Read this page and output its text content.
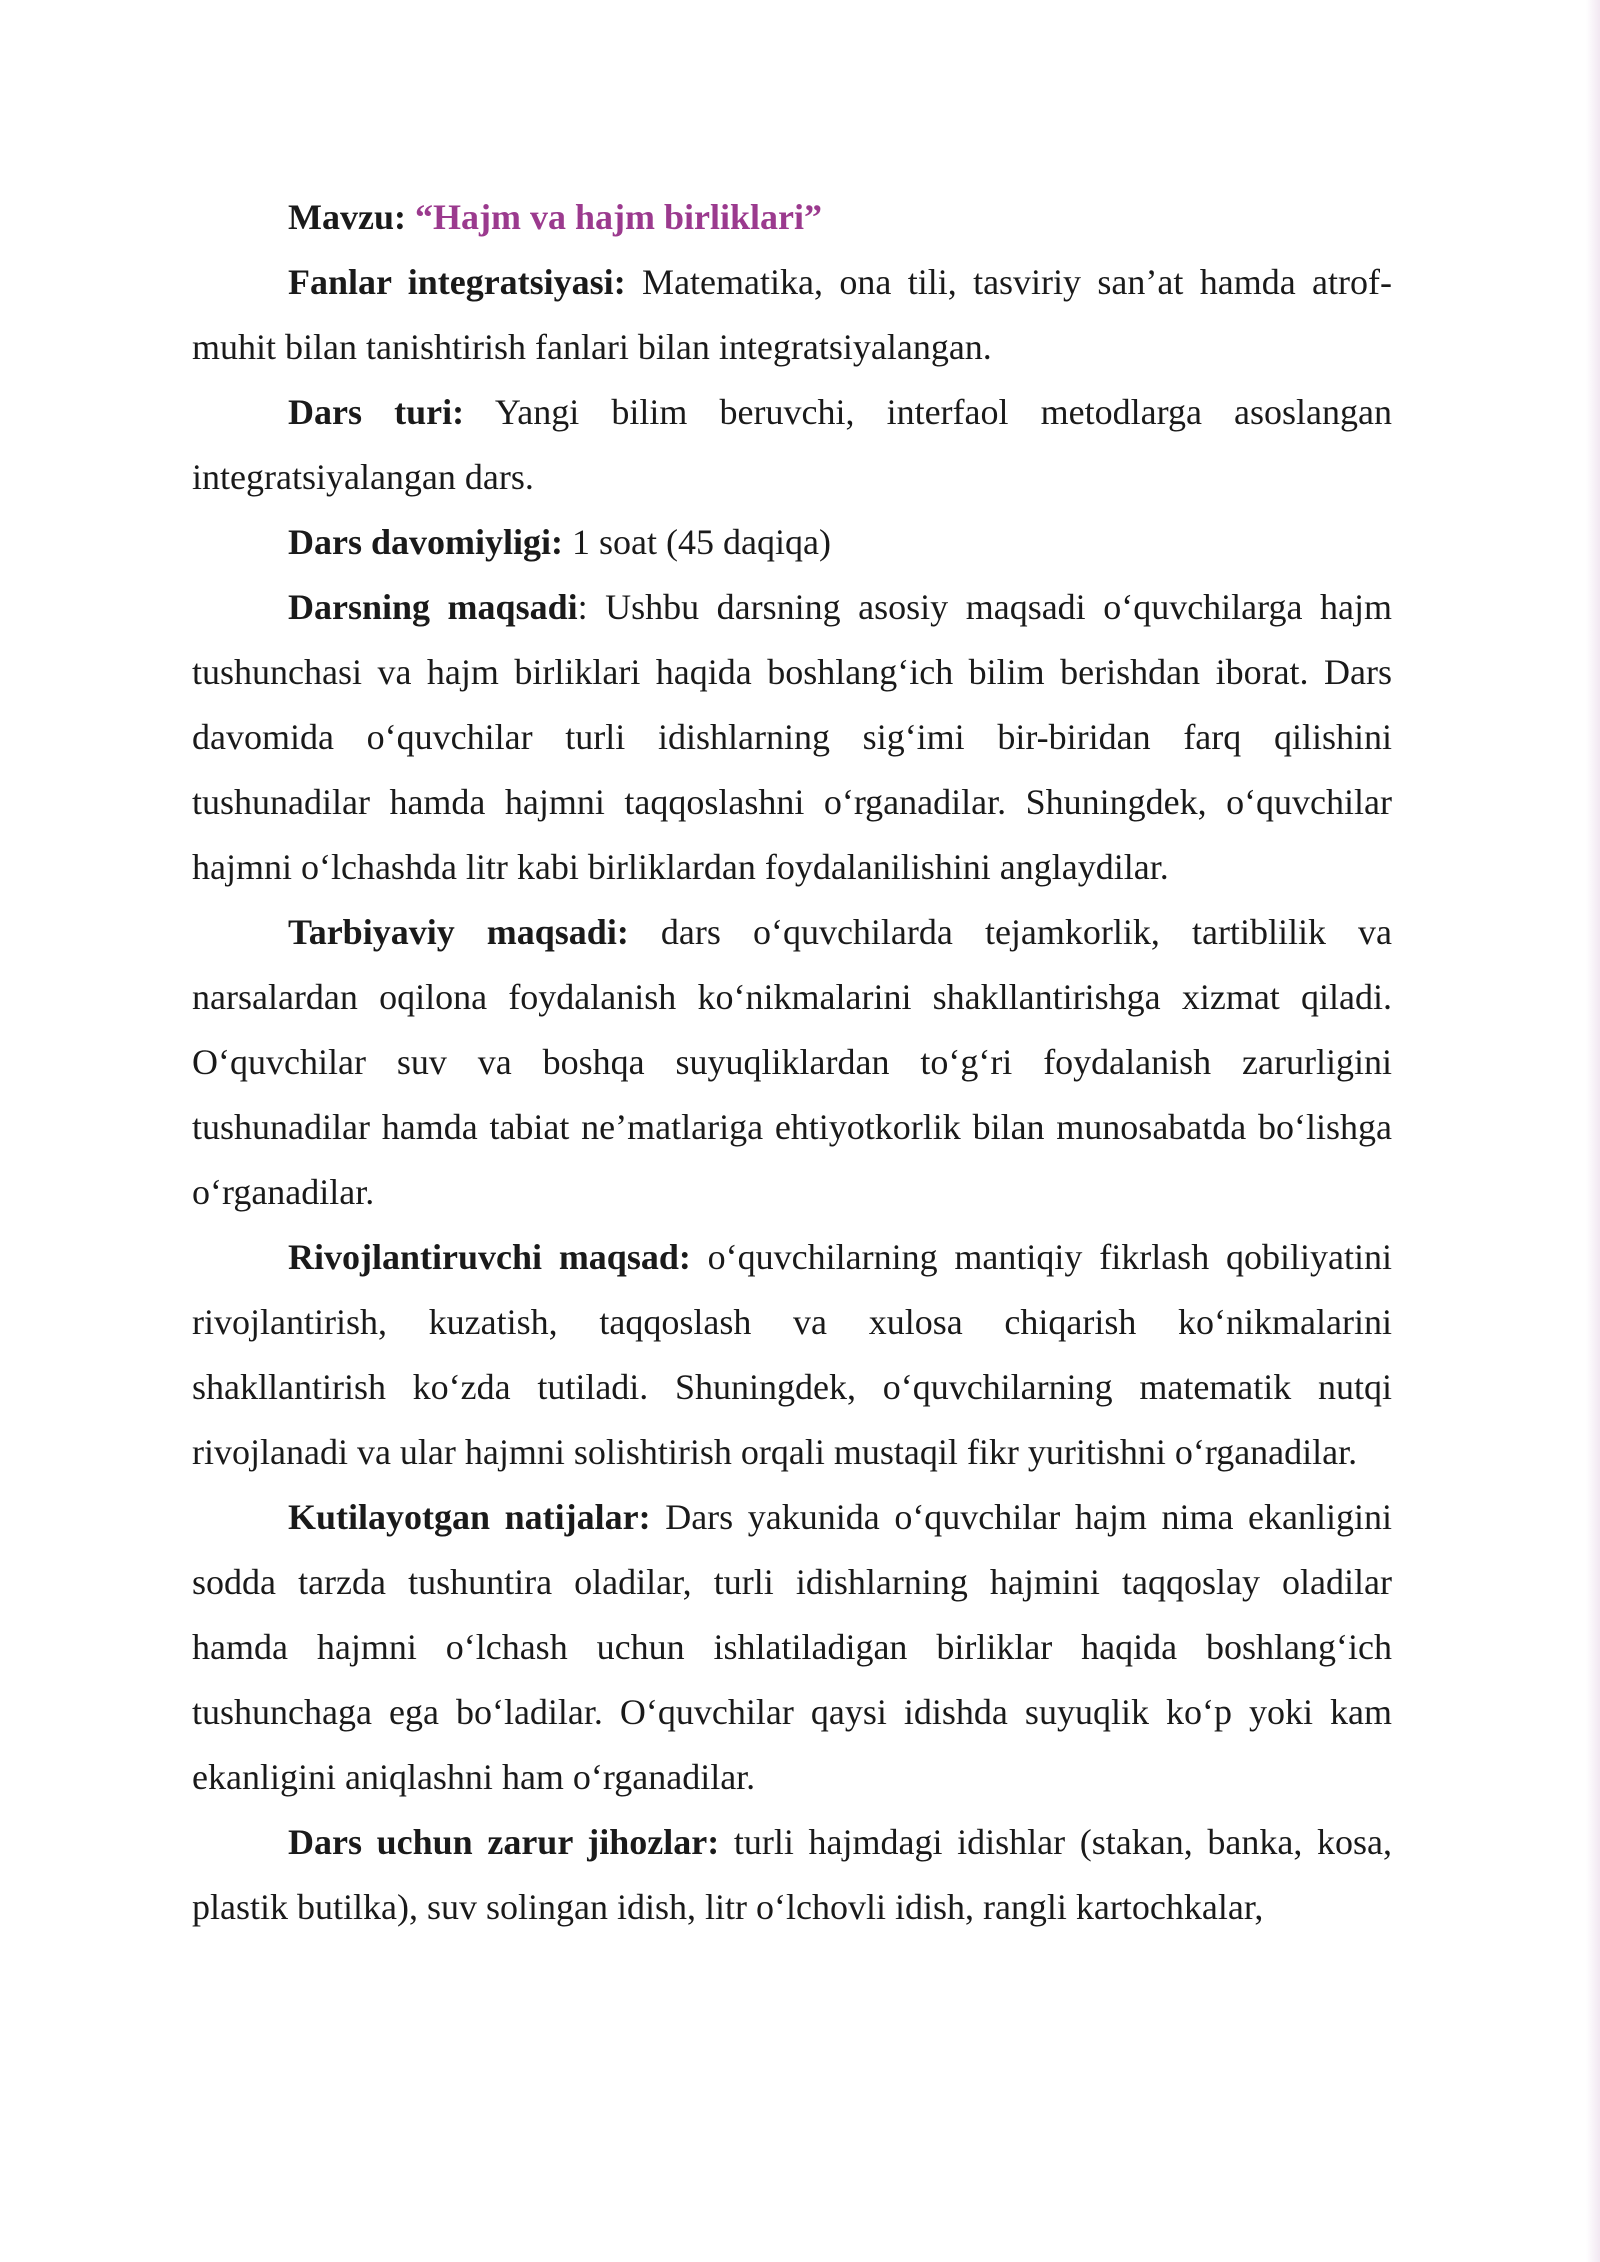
Mavzu: “Hajm va hajm birliklari”

Fanlar integratsiyasi: Matematika, ona tili, tasviriy san’at hamda atrof-muhit bilan tanishtirish fanlari bilan integratsiyalangan.

Dars turi: Yangi bilim beruvchi, interfaol metodlarga asoslangan integratsiyalangan dars.

Dars davomiyligi: 1 soat (45 daqiqa)

Darsning maqsadi: Ushbu darsning asosiy maqsadi o‘quvchilarga hajm tushunchasi va hajm birliklari haqida boshlang‘ich bilim berishdan iborat. Dars davomida o‘quvchilar turli idishlarning sig‘imi bir-biridan farq qilishini tushunadilar hamda hajmni taqqoslashni o‘rganadilar. Shuningdek, o‘quvchilar hajmni o‘lchashda litr kabi birliklardan foydalanilishini anglaydilar.

Tarbiyaviy maqsadi: dars o‘quvchilarda tejamkorlik, tartiblilik va narsalardan oqilona foydalanish ko‘nikmalarini shakllantirishga xizmat qiladi. O‘quvchilar suv va boshqa suyuqliklardan to‘g‘ri foydalanish zarurligini tushunadilar hamda tabiat ne’matlariga ehtiyotkorlik bilan munosabatda bo‘lishga o‘rganadilar.

Rivojlantiruvchi maqsad: o‘quvchilarning mantiqiy fikrlash qobiliyatini rivojlantirish, kuzatish, taqqoslash va xulosa chiqarish ko‘nikmalarini shakllantirish ko‘zda tutiladi. Shuningdek, o‘quvchilarning matematik nutqi rivojlanadi va ular hajmni solishtirish orqali mustaqil fikr yuritishni o‘rganadilar.

Kutilayotgan natijalar: Dars yakunida o‘quvchilar hajm nima ekanligini sodda tarzda tushuntira oladilar, turli idishlarning hajmini taqqoslay oladilar hamda hajmni o‘lchash uchun ishlatiladigan birliklar haqida boshlang‘ich tushunchaga ega bo‘ladilar. O‘quvchilar qaysi idishda suyuqlik ko‘p yoki kam ekanligini aniqlashni ham o‘rganadilar.

Dars uchun zarur jihozlar: turli hajmdagi idishlar (stakan, banka, kosa, plastik butilka), suv solingan idish, litr o‘lchovli idish, rangli kartochkalar,
